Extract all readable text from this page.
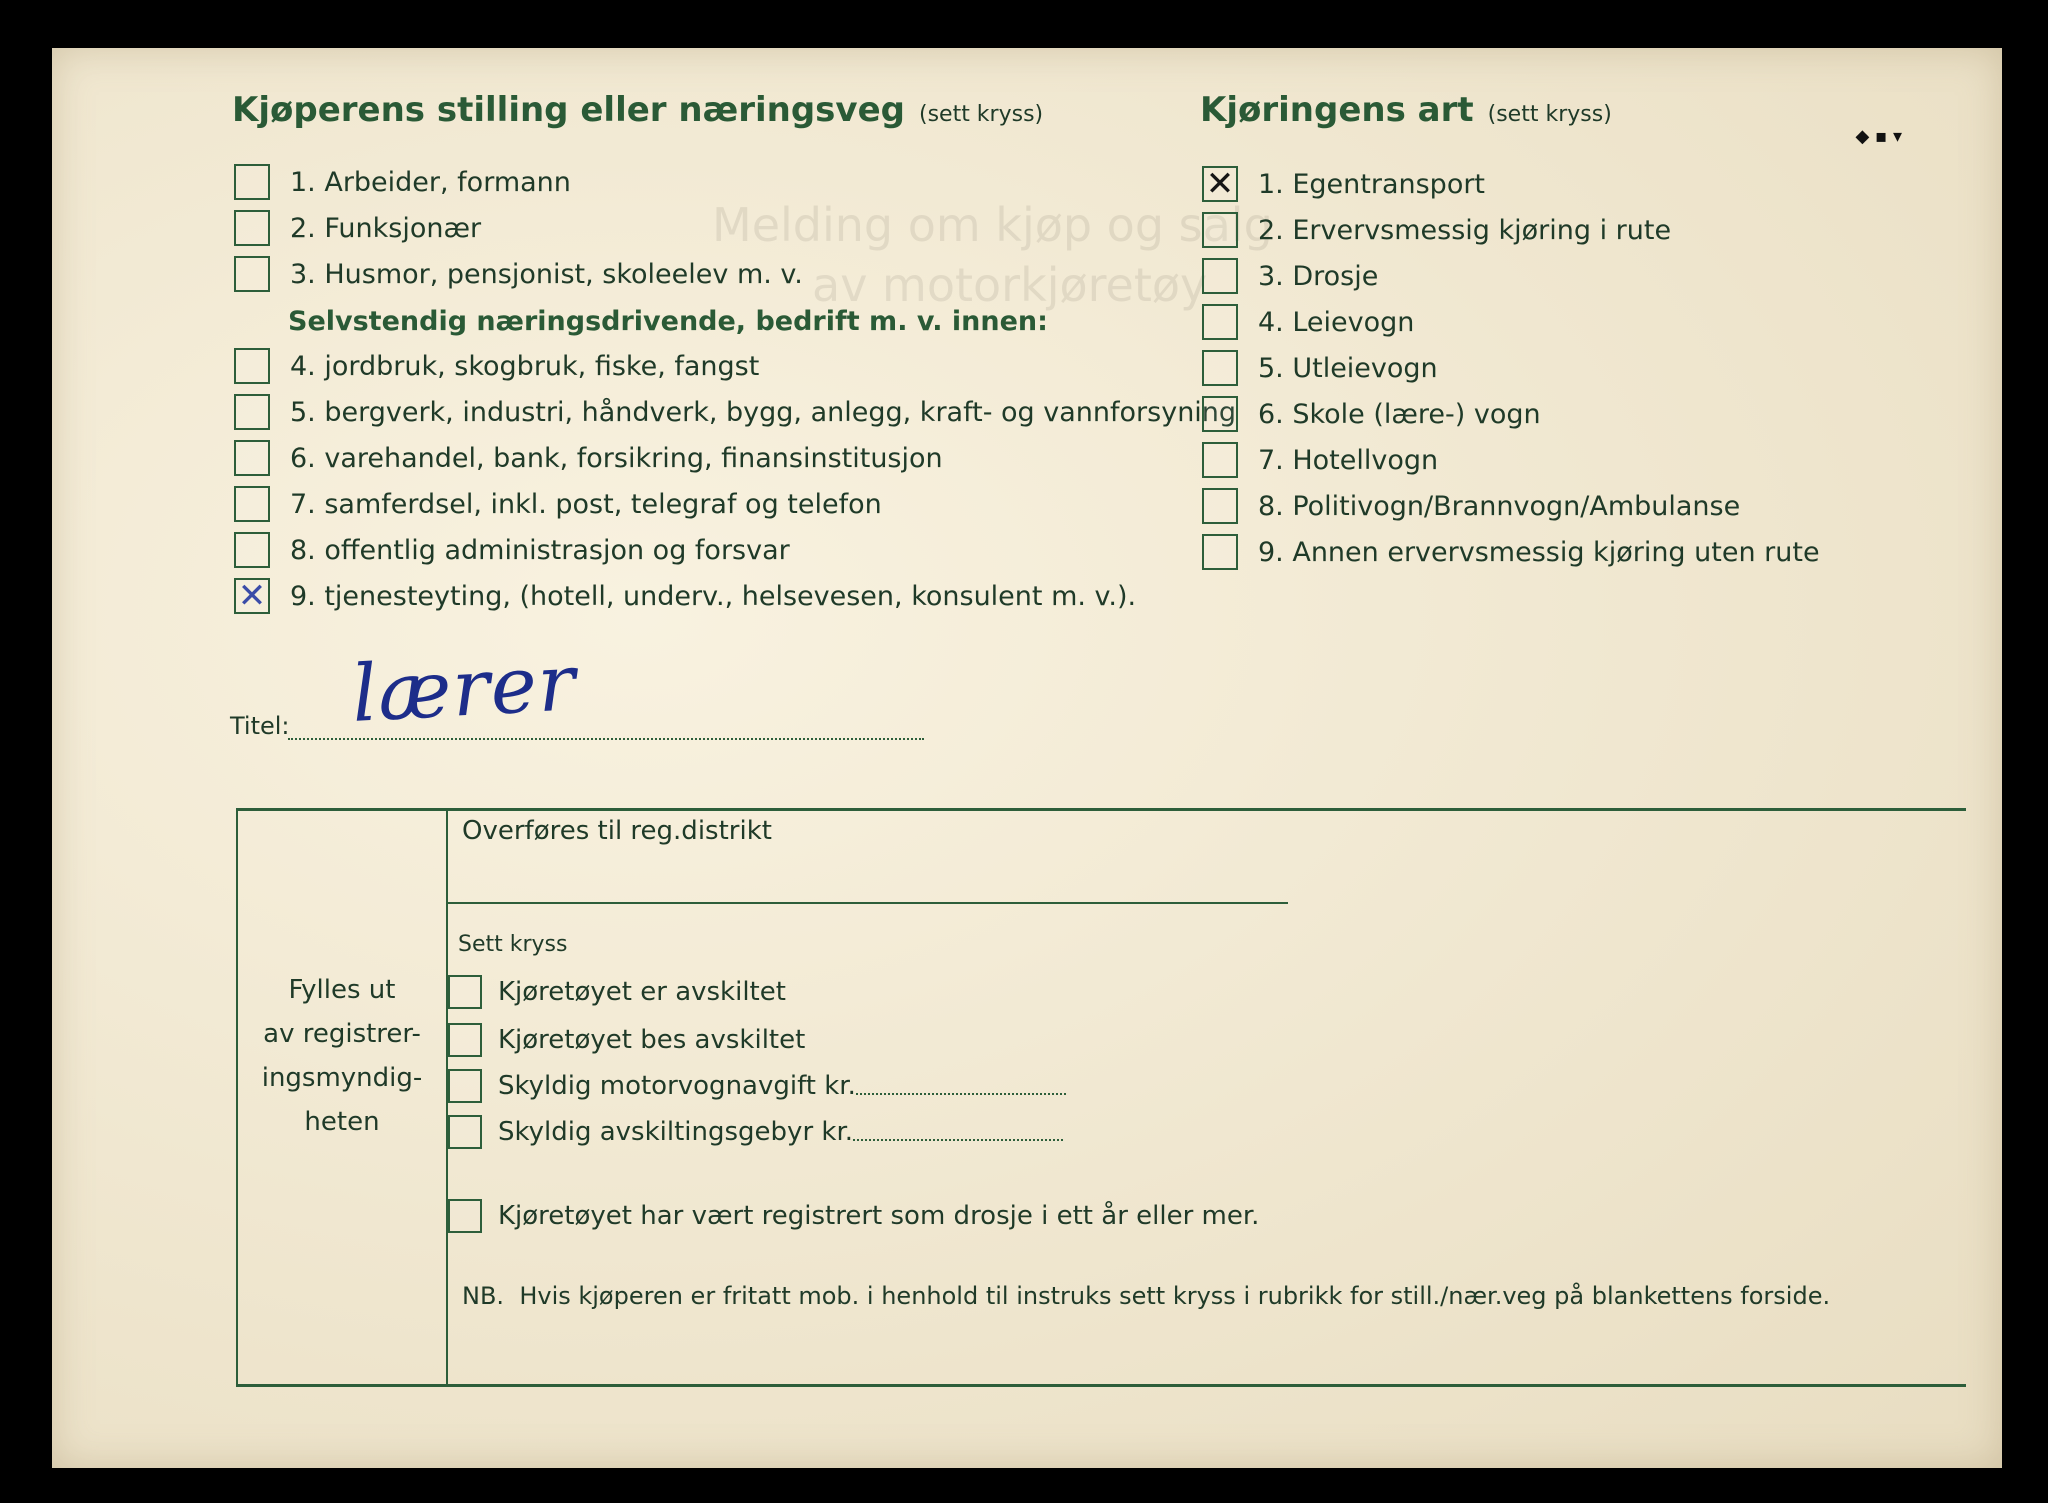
Melding om kjøp og salg
av motorkjøretøy
◆ ▪ ▾
Kjøperens stilling eller næringsveg (sett kryss)
1. Arbeider, formann
2. Funksjonær
3. Husmor, pensjonist, skoleelev m. v.
Selvstendig næringsdrivende, bedrift m. v. innen:
4. jordbruk, skogbruk, fiske, fangst
5. bergverk, industri, håndverk, bygg, anlegg, kraft- og vannforsyning
6. varehandel, bank, forsikring, finansinstitusjon
7. samferdsel, inkl. post, telegraf og telefon
8. offentlig administrasjon og forsvar
✕ 9. tjenesteyting, (hotell, underv., helsevesen, konsulent m. v.).
Kjøringens art (sett kryss)
✕ 1. Egentransport
2. Ervervsmessig kjøring i rute
3. Drosje
4. Leievogn
5. Utleievogn
6. Skole (lære-) vogn
7. Hotellvogn
8. Politivogn/Brannvogn/Ambulanse
9. Annen ervervsmessig kjøring uten rute
Titel: lærer
Fylles ut
av registrer-
ingsmyndig-
heten
Overføres til reg.distrikt
Sett kryss
Kjøretøyet er avskiltet
Kjøretøyet bes avskiltet
Skyldig motorvognavgift kr.
Skyldig avskiltingsgebyr kr.
Kjøretøyet har vært registrert som drosje i ett år eller mer.
NB. Hvis kjøperen er fritatt mob. i henhold til instruks sett kryss i rubrikk for still./nær.veg på blankettens forside.
